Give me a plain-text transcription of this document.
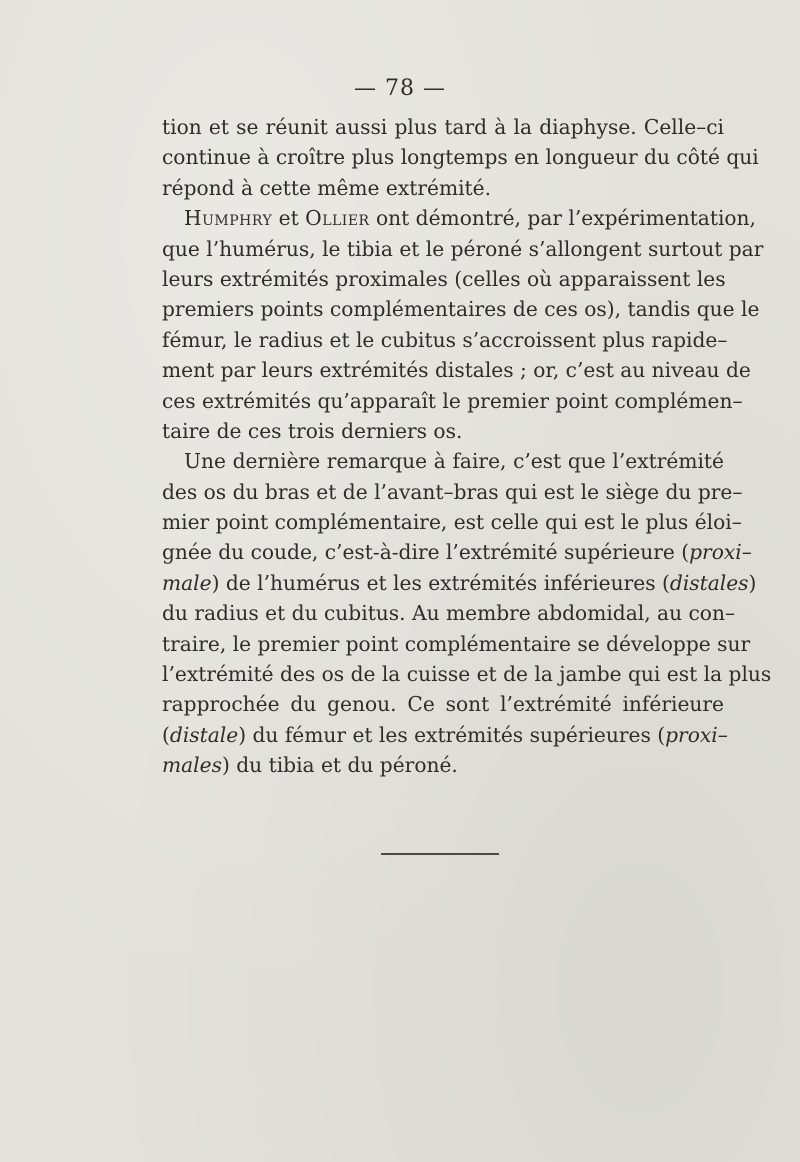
— 78 —
tion et se réunit aussi plus tard à la diaphyse. Celle–ci
continue à croître plus longtemps en longueur du côté qui
répond à cette même extrémité.
Humphry et Ollier ont démontré, par l’expérimentation,
que l’humérus, le tibia et le péroné s’allongent surtout par
leurs extrémités proximales (celles où apparaissent les
premiers points complémentaires de ces os), tandis que le
fémur, le radius et le cubitus s’accroissent plus rapide–
ment par leurs extrémités distales ; or, c’est au niveau de
ces extrémités qu’apparaît le premier point complémen–
taire de ces trois derniers os.
Une dernière remarque à faire, c’est que l’extrémité
des os du bras et de l’avant–bras qui est le siège du pre–
mier point complémentaire, est celle qui est le plus éloi–
gnée du coude, c’est-à-dire l’extrémité supérieure (proxi–
male) de l’humérus et les extrémités inférieures (distales)
du radius et du cubitus. Au membre abdomidal, au con–
traire, le premier point complémentaire se développe sur
l’extrémité des os de la cuisse et de la jambe qui est la plus
rapprochée du genou. Ce sont l’extrémité inférieure
(distale) du fémur et les extrémités supérieures (proxi–
males) du tibia et du péroné.
